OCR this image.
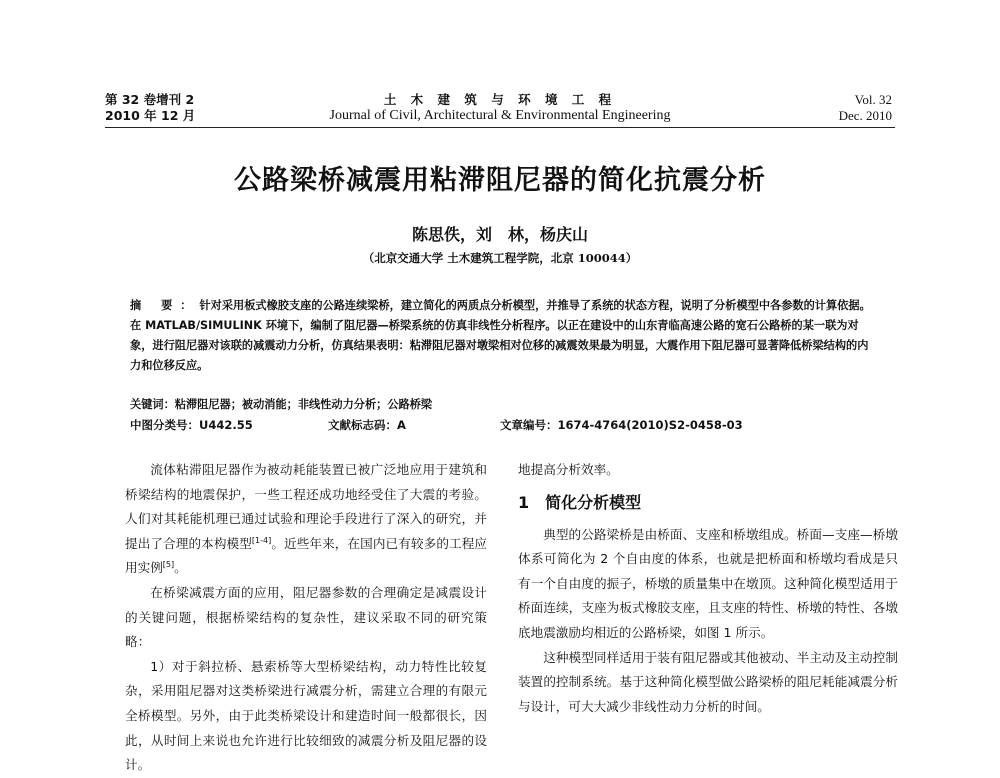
第 32 卷增刊 2
2010 年 12 月
土 木 建 筑 与 环 境 工 程
Journal of Civil, Architectural & Environmental Engineering
Vol. 32
Dec. 2010
公路梁桥减震用粘滞阻尼器的简化抗震分析
陈思佚，刘　林，杨庆山
（北京交通大学 土木建筑工程学院，北京 100044）
摘 要：针对采用板式橡胶支座的公路连续梁桥，建立简化的两质点分析模型，并推导了系统的状态方程，说明了分析模型中各参数的计算依据。在 MATLAB/SIMULINK 环境下，编制了阻尼器—桥梁系统的仿真非线性分析程序。以正在建设中的山东青临高速公路的宽石公路桥的某一联为对象，进行阻尼器对该联的减震动力分析，仿真结果表明：粘滞阻尼器对墩梁相对位移的减震效果最为明显，大震作用下阻尼器可显著降低桥梁结构的内力和位移反应。
关键词：粘滞阻尼器；被动消能；非线性动力分析；公路桥梁
中图分类号：U442.55	文献标志码：A	文章编号：1674-4764(2010)S2-0458-03

流体粘滞阻尼器作为被动耗能装置已被广泛地应用于建筑和桥梁结构的地震保护，一些工程还成功地经受住了大震的考验。人们对其耗能机理已通过试验和理论手段进行了深入的研究，并提出了合理的本构模型[1-4]。近些年来，在国内已有较多的工程应用实例[5]。

在桥梁减震方面的应用，阻尼器参数的合理确定是减震设计的关键问题，根据桥梁结构的复杂性，建议采取不同的研究策略：

1）对于斜拉桥、悬索桥等大型桥梁结构，动力特性比较复杂，采用阻尼器对这类桥梁进行减震分析，需建立合理的有限元全桥模型。另外，由于此类桥梁设计和建造时间一般都很长，因此，从时间上来说也允许进行比较细致的减震分析及阻尼器的设计。

地提高分析效率。

1 简化分析模型

典型的公路梁桥是由桥面、支座和桥墩组成。桥面—支座—桥墩体系可简化为 2 个自由度的体系，也就是把桥面和桥墩均看成是只有一个自由度的振子，桥墩的质量集中在墩顶。这种简化模型适用于桥面连续，支座为板式橡胶支座，且支座的特性、桥墩的特性、各墩底地震激励均相近的公路桥梁，如图 1 所示。

这种模型同样适用于装有阻尼器或其他被动、半主动及主动控制装置的控制系统。基于这种简化模型做公路梁桥的阻尼耗能减震分析与设计，可大大减少非线性动力分析的时间。
